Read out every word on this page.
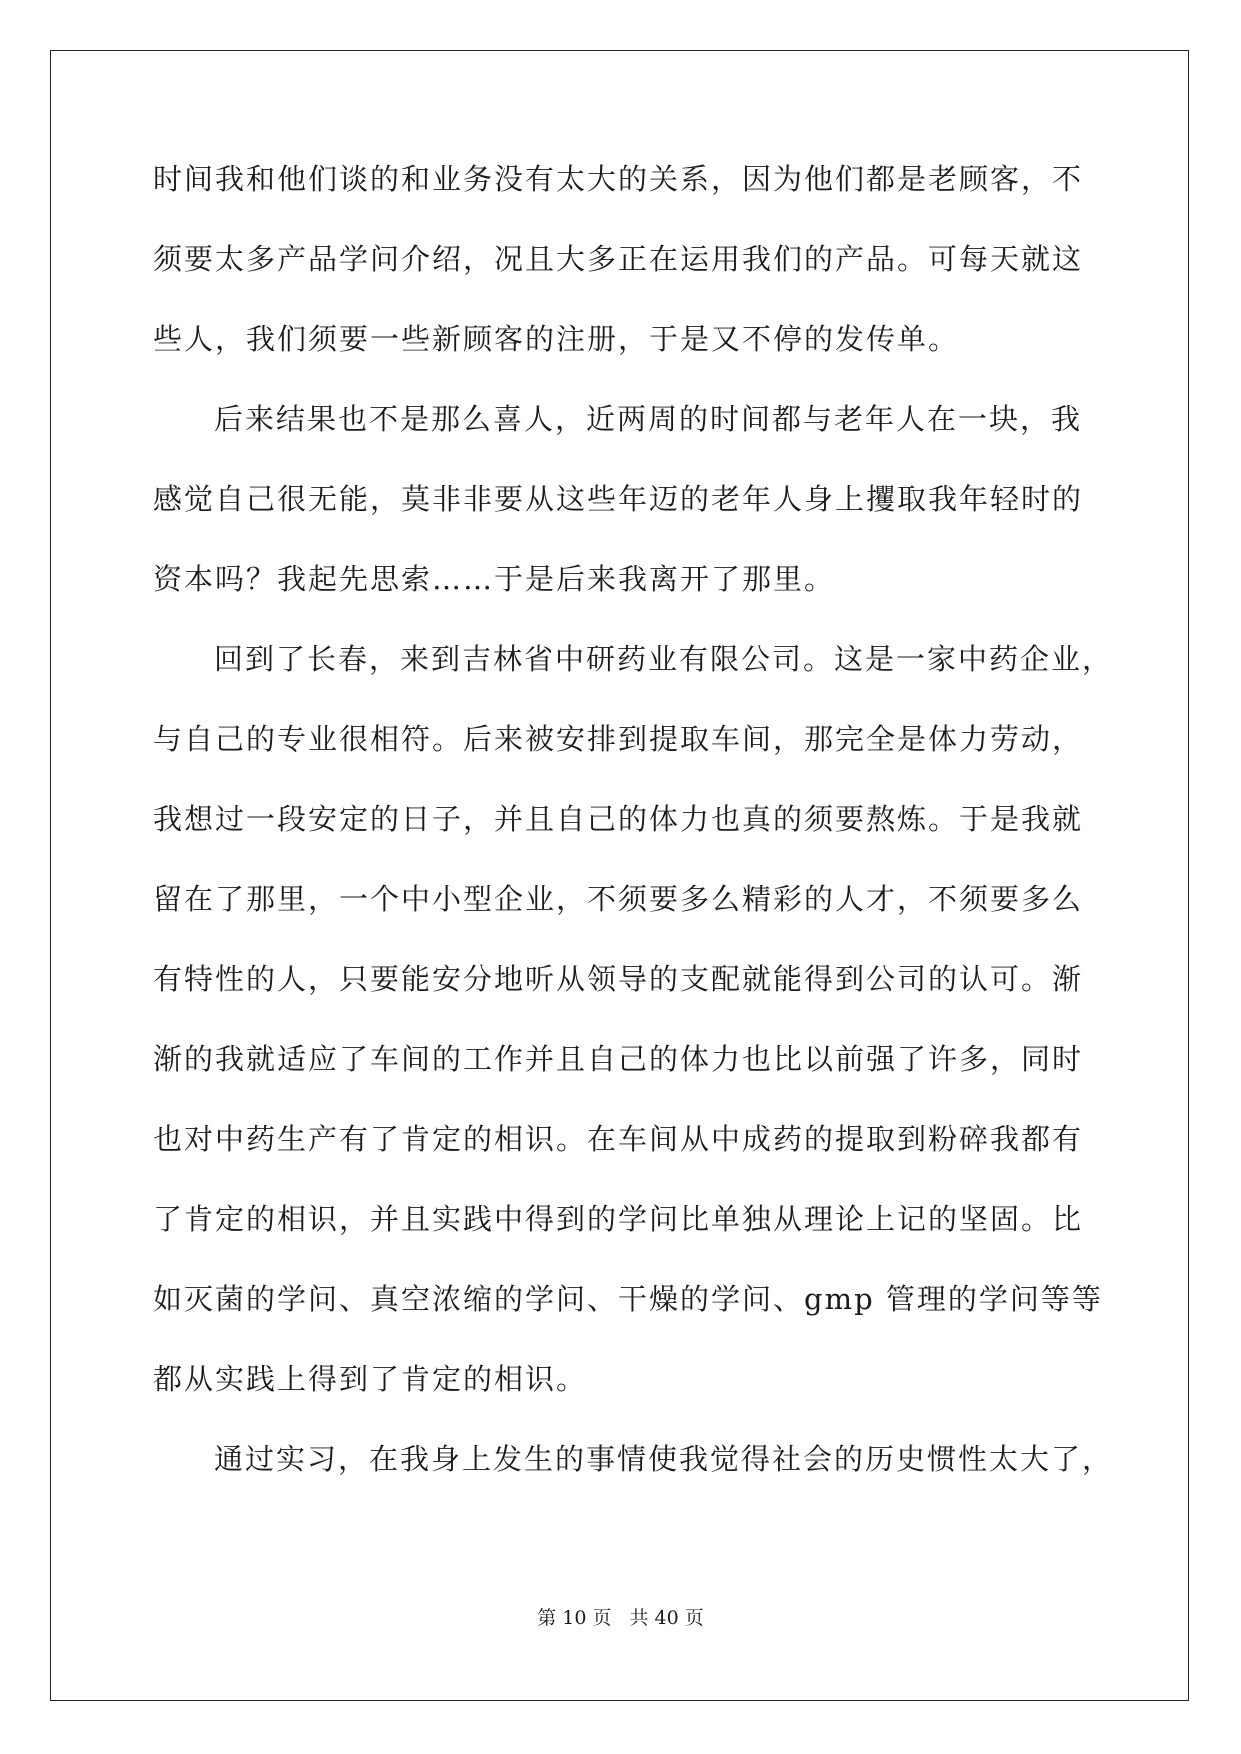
时间我和他们谈的和业务没有太大的关系，因为他们都是老顾客，不
须要太多产品学问介绍，况且大多正在运用我们的产品。可每天就这
些人，我们须要一些新顾客的注册，于是又不停的发传单。
后来结果也不是那么喜人，近两周的时间都与老年人在一块，我
感觉自己很无能，莫非非要从这些年迈的老年人身上攫取我年轻时的
资本吗？我起先思索……于是后来我离开了那里。
回到了长春，来到吉林省中研药业有限公司。这是一家中药企业，
与自己的专业很相符。后来被安排到提取车间，那完全是体力劳动，
我想过一段安定的日子，并且自己的体力也真的须要熬炼。于是我就
留在了那里，一个中小型企业，不须要多么精彩的人才，不须要多么
有特性的人，只要能安分地听从领导的支配就能得到公司的认可。渐
渐的我就适应了车间的工作并且自己的体力也比以前强了许多，同时
也对中药生产有了肯定的相识。在车间从中成药的提取到粉碎我都有
了肯定的相识，并且实践中得到的学问比单独从理论上记的坚固。比
如灭菌的学问、真空浓缩的学问、干燥的学问、gmp 管理的学问等等
都从实践上得到了肯定的相识。
通过实习，在我身上发生的事情使我觉得社会的历史惯性太大了，
第 10 页 共 40 页
